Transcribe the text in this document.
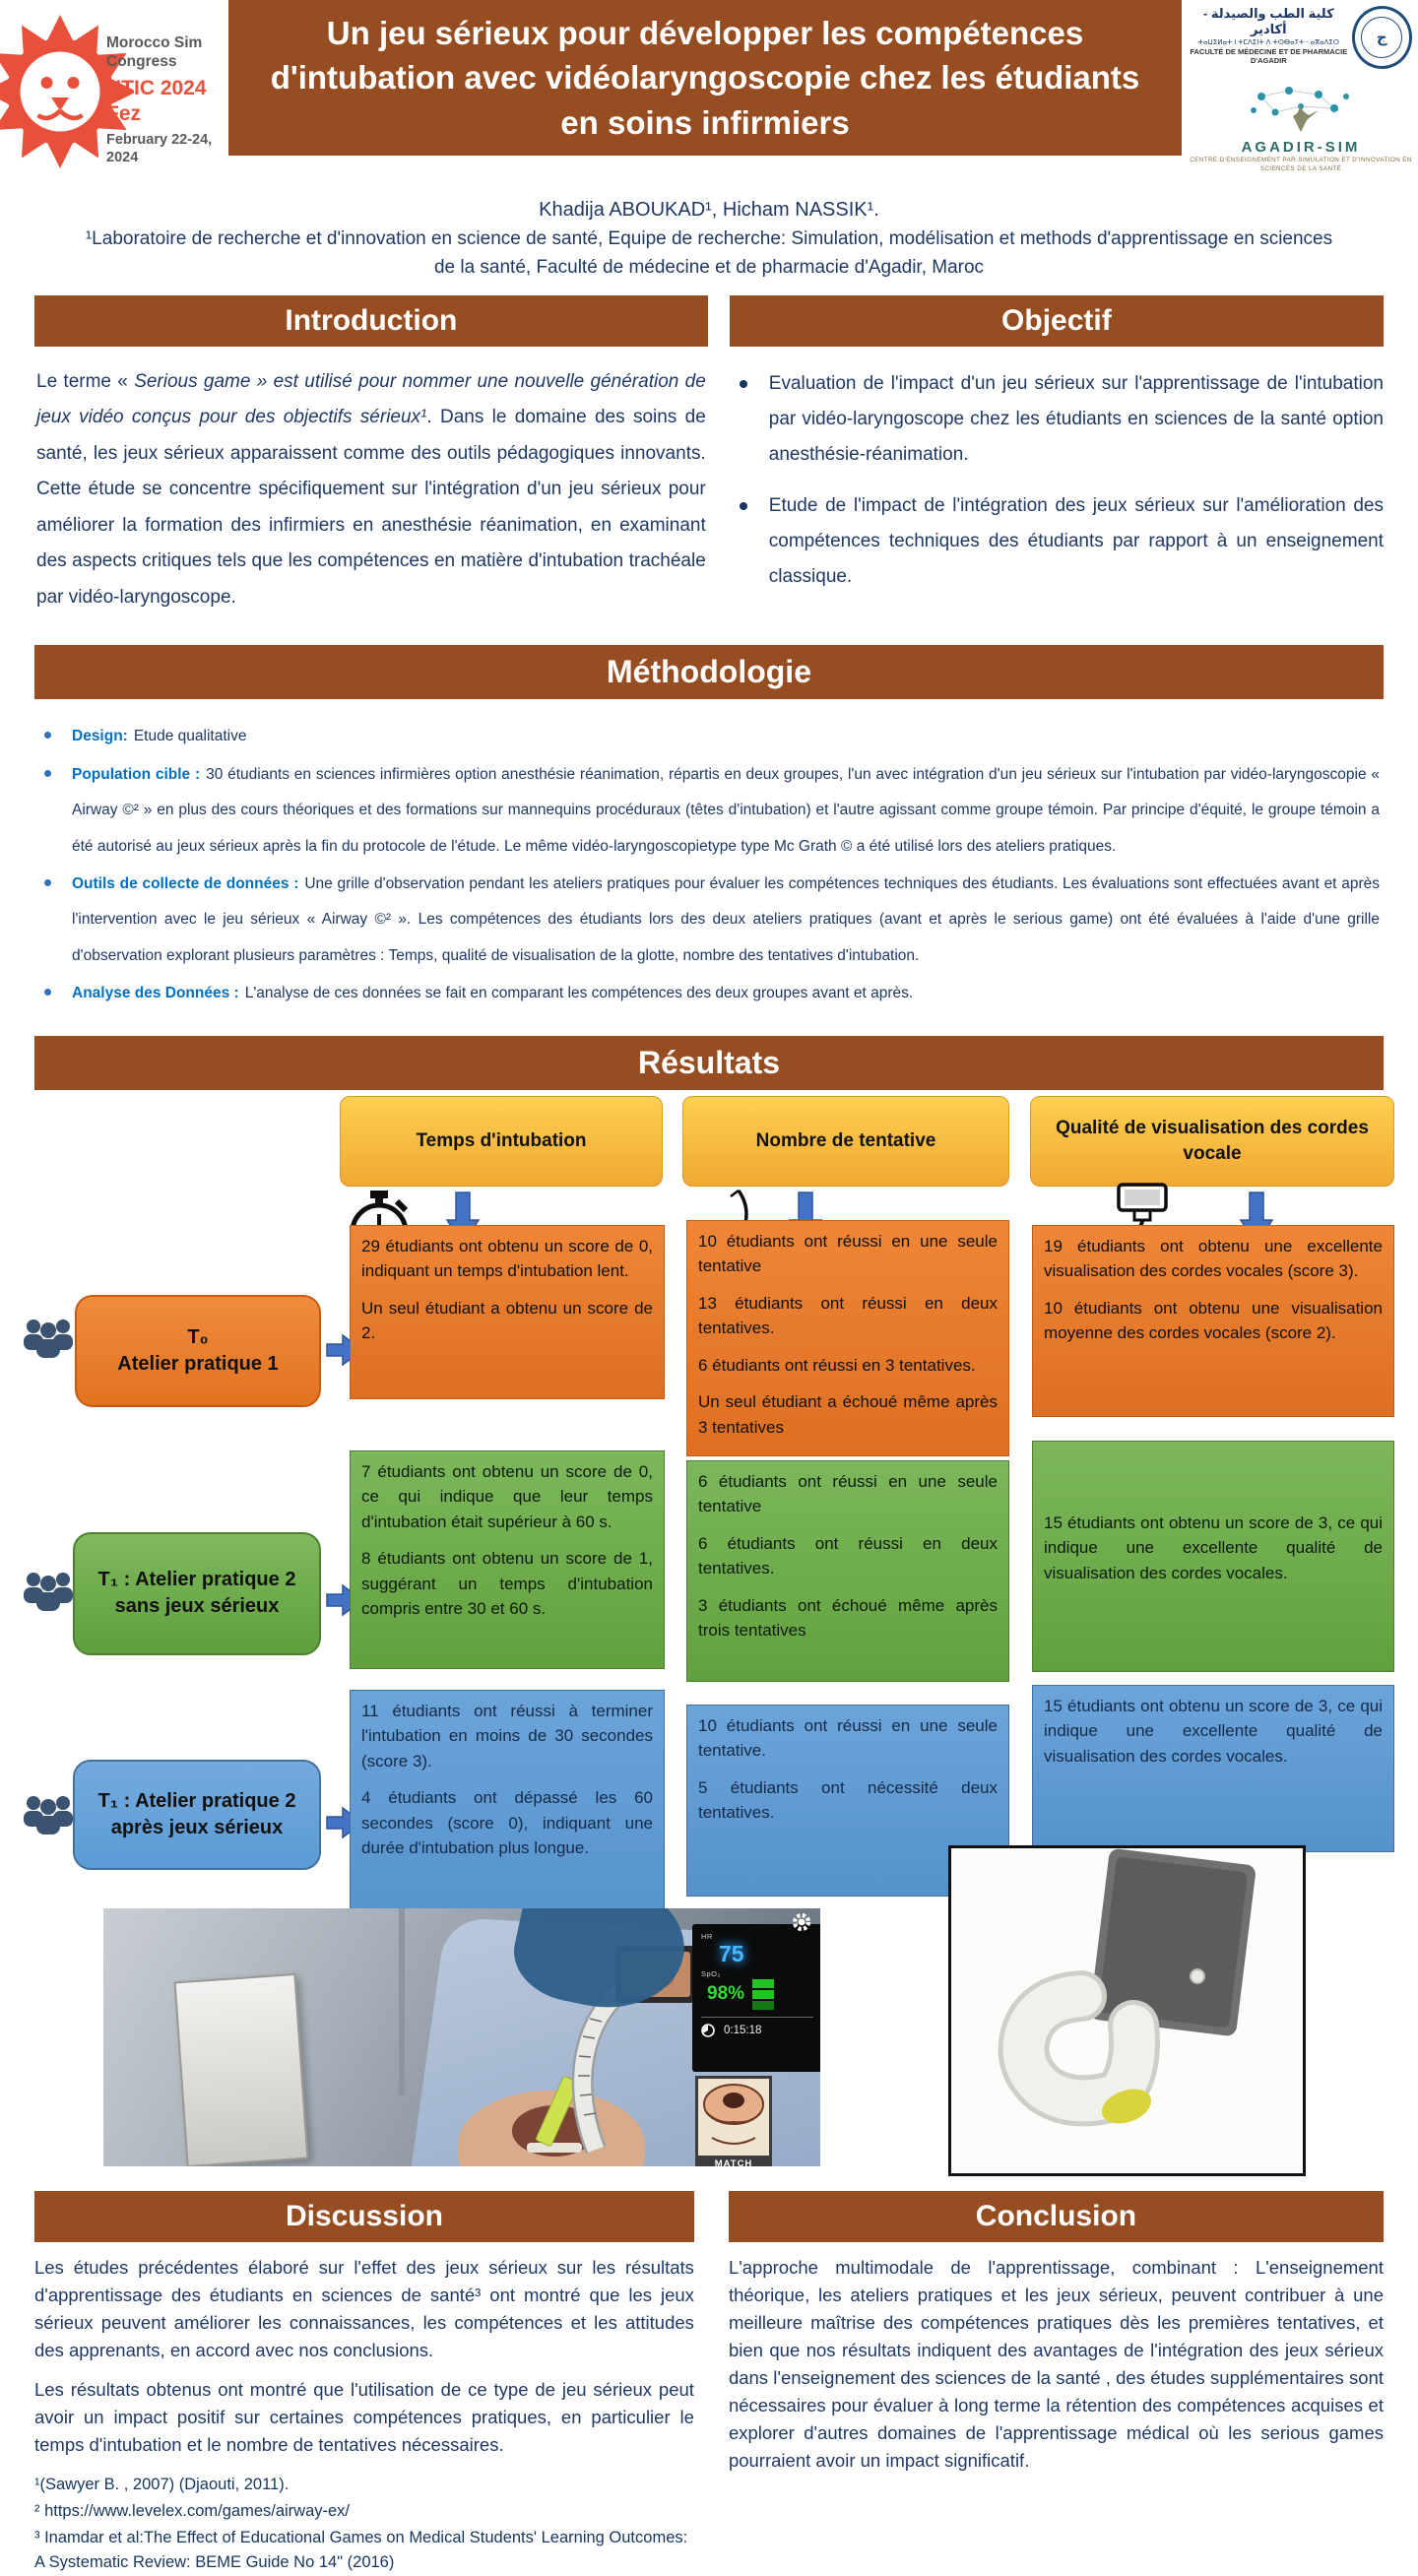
Morocco Sim Congress
HTIC 2024 Fez
February 22-24, 2024
Un jeu sérieux pour développer les compétences d'intubation avec vidéolaryngoscopie chez les étudiants en soins infirmiers
كلية الطب والصيدلة - أكادير
ⵜⴰⵡⵉⵍⴰⵜ ⵏ ⵜⵎⴷⵉⵏⵜ ⴷ ⵜⵙⴱⴰⵢⵜ - ⴰⴳⴰⴷⵉⵔ
FACULTÉ DE MÉDECINE ET DE PHARMACIE D'AGADIR
ج
AGADIR-SIM
CENTRE D'ENSEIGNEMENT PAR SIMULATION ET D'INNOVATION EN SCIENCES DE LA SANTÉ
Khadija ABOUKAD¹, Hicham NASSIK¹.
¹Laboratoire de recherche et d'innovation en science de santé, Equipe de recherche: Simulation, modélisation et methods d'apprentissage en sciences de la santé, Faculté de médecine et de pharmacie d'Agadir, Maroc
Introduction
Le terme « Serious game » est utilisé pour nommer une nouvelle génération de jeux vidéo conçus pour des objectifs sérieux¹. Dans le domaine des soins de santé, les jeux sérieux apparaissent comme des outils pédagogiques innovants. Cette étude se concentre spécifiquement sur l'intégration d'un jeu sérieux pour améliorer la formation des infirmiers en anesthésie réanimation, en examinant des aspects critiques tels que les compétences en matière d'intubation trachéale par vidéo-laryngoscope.
Objectif
Evaluation de l'impact d'un jeu sérieux sur l'apprentissage de l'intubation par vidéo-laryngoscope chez les étudiants en sciences de la santé option anesthésie-réanimation.
Etude de l'impact de l'intégration des jeux sérieux sur l'amélioration des compétences techniques des étudiants par rapport à un enseignement classique.
Méthodologie
Design: Etude qualitative
Population cible : 30 étudiants en sciences infirmières option anesthésie réanimation, répartis en deux groupes, l'un avec intégration d'un jeu sérieux sur l'intubation par vidéo-laryngoscopie « Airway ©² » en plus des cours théoriques et des formations sur mannequins procéduraux (têtes d'intubation) et l'autre agissant comme groupe témoin. Par principe d'équité, le groupe témoin a été autorisé au jeux sérieux après la fin du protocole de l'étude. Le même vidéo-laryngoscopietype type Mc Grath © a été utilisé lors des ateliers pratiques.
Outils de collecte de données : Une grille d'observation pendant les ateliers pratiques pour évaluer les compétences techniques des étudiants. Les évaluations sont effectuées avant et après l'intervention avec le jeu sérieux « Airway ©² ». Les compétences des étudiants lors des deux ateliers pratiques (avant et après le serious game) ont été évaluées à l'aide d'une grille d'observation explorant plusieurs paramètres : Temps, qualité de visualisation de la glotte, nombre des tentatives d'intubation.
Analyse des Données : L'analyse de ces données se fait en comparant les compétences des deux groupes avant et après.
Résultats
Temps d'intubation	Nombre de tentative
Qualité de visualisation des cordes vocale
T₀
Atelier pratique 1

29 étudiants ont obtenu un score de 0, indiquant un temps d'intubation lent.

Un seul étudiant a obtenu un score de 2.

10 étudiants ont réussi en une seule tentative

13 étudiants ont réussi en deux tentatives.

6 étudiants ont réussi en 3 tentatives.

Un seul étudiant a échoué même après 3 tentatives

19 étudiants ont obtenu une excellente visualisation des cordes vocales (score 3).

10 étudiants ont obtenu une visualisation moyenne des cordes vocales (score 2).

T₁ : Atelier pratique 2
sans jeux sérieux

7 étudiants ont obtenu un score de 0, ce qui indique que leur temps d'intubation était supérieur à 60 s.

8 étudiants ont obtenu un score de 1, suggérant un temps d'intubation compris entre 30 et 60 s.

6 étudiants ont réussi en une seule tentative

6 étudiants ont réussi en deux tentatives.

3 étudiants ont échoué même après trois tentatives

15 étudiants ont obtenu un score de 3, ce qui indique une excellente qualité de visualisation des cordes vocales.

T₁ : Atelier pratique 2
après jeux sérieux

11 étudiants ont réussi à terminer l'intubation en moins de 30 secondes (score 3).

4 étudiants ont dépassé les 60 secondes (score 0), indiquant une durée d'intubation plus longue.

10 étudiants ont réussi en une seule tentative.

5 étudiants ont nécessité deux tentatives.

15 étudiants ont obtenu un score de 3, ce qui indique une excellente qualité de visualisation des cordes vocales.

HR
75
SpO₂
98%
0:15:18
MATCH
Discussion

Les études précédentes élaboré sur l'effet des jeux sérieux sur les résultats d'apprentissage des étudiants en sciences de santé³ ont montré que les jeux sérieux peuvent améliorer les connaissances, les compétences et les attitudes des apprenants, en accord avec nos conclusions.

Les résultats obtenus ont montré que l'utilisation de ce type de jeu sérieux peut avoir un impact positif sur certaines compétences pratiques, en particulier le temps d'intubation et le nombre de tentatives nécessaires.

¹(Sawyer B. , 2007) (Djaouti, 2011).
² https://www.levelex.com/games/airway-ex/
³ Inamdar et al:The Effect of Educational Games on Medical Students' Learning Outcomes: A Systematic Review: BEME Guide No 14" (2016)
Conclusion

L'approche multimodale de l'apprentissage, combinant : L'enseignement théorique, les ateliers pratiques et les jeux sérieux, peuvent contribuer à une meilleure maîtrise des compétences pratiques dès les premières tentatives, et bien que nos résultats indiquent des avantages de l'intégration des jeux sérieux dans l'enseignement des sciences de la santé , des études supplémentaires sont nécessaires pour évaluer à long terme la rétention des compétences acquises et explorer d'autres domaines de l'apprentissage médical où les serious games pourraient avoir un impact significatif.
